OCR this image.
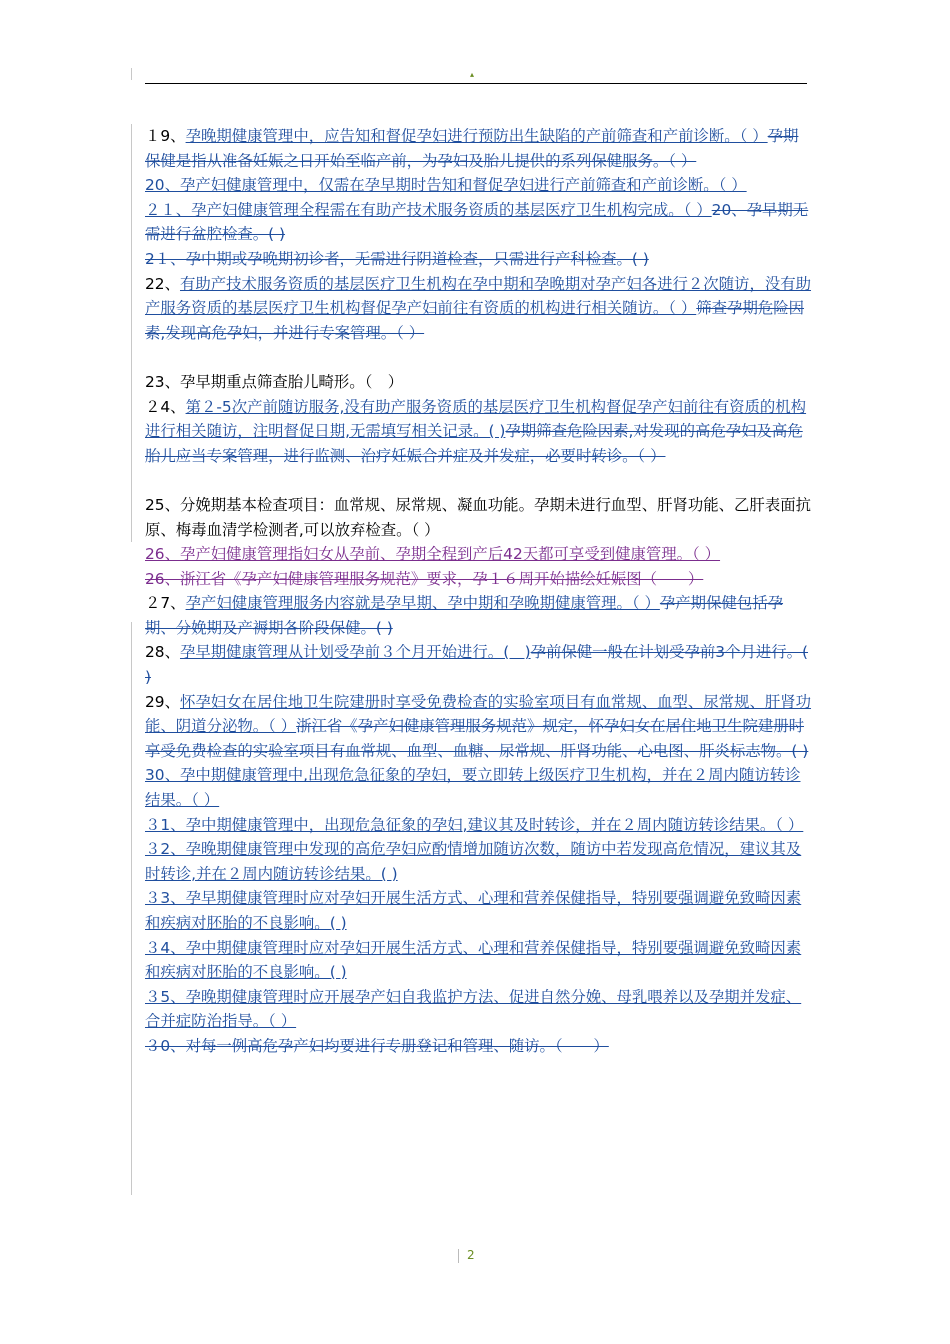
▴
１9、孕晚期健康管理中，应告知和督促孕妇进行预防出生缺陷的产前筛查和产前诊断。（ ）孕期保健是指从准备妊娠之日开始至临产前，为孕妇及胎儿提供的系列保健服务。（ ）
20、孕产妇健康管理中，仅需在孕早期时告知和督促孕妇进行产前筛查和产前诊断。（ ）
２１、孕产妇健康管理全程需在有助产技术服务资质的基层医疗卫生机构完成。（ ）20、孕早期无需进行盆腔检查。( )
2１、孕中期或孕晚期初诊者，无需进行阴道检查，只需进行产科检查。( )
22、有助产技术服务资质的基层医疗卫生机构在孕中期和孕晚期对孕产妇各进行２次随访，没有助产服务资质的基层医疗卫生机构督促孕产妇前往有资质的机构进行相关随访。（ ）筛查孕期危险因素,发现高危孕妇，并进行专案管理。（ ）
23、孕早期重点筛查胎儿畸形。（　）
２4、第２-5次产前随访服务,没有助产服务资质的基层医疗卫生机构督促孕产妇前往有资质的机构进行相关随访，注明督促日期,无需填写相关记录。( )孕期筛查危险因素,对发现的高危孕妇及高危胎儿应当专案管理，进行监测、治疗妊娠合并症及并发症，必要时转诊。（ ）
25、分娩期基本检查项目：血常规、尿常规、凝血功能。孕期未进行血型、肝肾功能、乙肝表面抗原、梅毒血清学检测者,可以放弃检查。（ ）
26、孕产妇健康管理指妇女从孕前、孕期全程到产后42天都可享受到健康管理。（ ）
26、浙江省《孕产妇健康管理服务规范》要求，孕１６周开始描绘妊娠图（　　）
２7、孕产妇健康管理服务内容就是孕早期、孕中期和孕晚期健康管理。（ ）孕产期保健包括孕期、分娩期及产褥期各阶段保健。( )
28、孕早期健康管理从计划受孕前３个月开始进行。(　)孕前保健一般在计划受孕前3个月进行。( )
29、怀孕妇女在居住地卫生院建册时享受免费检查的实验室项目有血常规、血型、尿常规、肝肾功能、阴道分泌物。（ ）浙江省《孕产妇健康管理服务规范》规定，怀孕妇女在居住地卫生院建册时享受免费检查的实验室项目有血常规、血型、血糖、尿常规、肝肾功能、心电图、肝炎标志物。( )
30、孕中期健康管理中,出现危急征象的孕妇，要立即转上级医疗卫生机构，并在２周内随访转诊结果。（ ）
３1、孕中期健康管理中，出现危急征象的孕妇,建议其及时转诊，并在２周内随访转诊结果。（ ）
３2、孕晚期健康管理中发现的高危孕妇应酌情增加随访次数，随访中若发现高危情况，建议其及时转诊,并在２周内随访转诊结果。( )
３3、孕早期健康管理时应对孕妇开展生活方式、心理和营养保健指导，特别要强调避免致畸因素和疾病对胚胎的不良影响。( )
３4、孕中期健康管理时应对孕妇开展生活方式、心理和营养保健指导，特别要强调避免致畸因素和疾病对胚胎的不良影响。( )
３5、孕晚期健康管理时应开展孕产妇自我监护方法、促进自然分娩、母乳喂养以及孕期并发症、合并症防治指导。（ ）
３0、对每一例高危孕产妇均要进行专册登记和管理、随访。（　　）
2
